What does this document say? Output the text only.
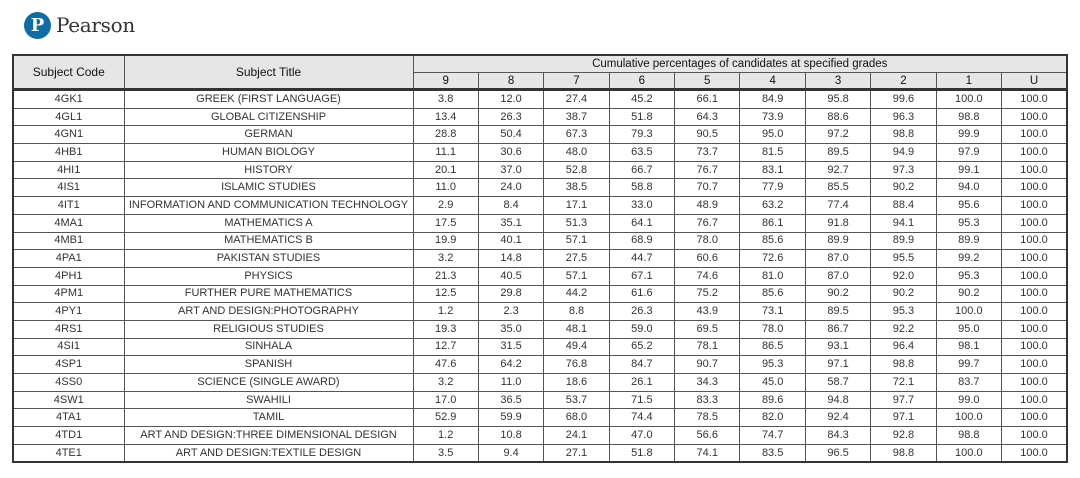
P Pearson
Subject Code	Subject Title	Cumulative percentages of candidates at specified grades									
		9	8	7	6	5	4	3	2	1	U
4GK1	GREEK (FIRST LANGUAGE)	3.8	12.0	27.4	45.2	66.1	84.9	95.8	99.6	100.0	100.0
4GL1	GLOBAL CITIZENSHIP	13.4	26.3	38.7	51.8	64.3	73.9	88.6	96.3	98.8	100.0
4GN1	GERMAN	28.8	50.4	67.3	79.3	90.5	95.0	97.2	98.8	99.9	100.0
4HB1	HUMAN BIOLOGY	11.1	30.6	48.0	63.5	73.7	81.5	89.5	94.9	97.9	100.0
4HI1	HISTORY	20.1	37.0	52.8	66.7	76.7	83.1	92.7	97.3	99.1	100.0
4IS1	ISLAMIC STUDIES	11.0	24.0	38.5	58.8	70.7	77.9	85.5	90.2	94.0	100.0
4IT1	INFORMATION AND COMMUNICATION TECHNOLOGY	2.9	8.4	17.1	33.0	48.9	63.2	77.4	88.4	95.6	100.0
4MA1	MATHEMATICS A	17.5	35.1	51.3	64.1	76.7	86.1	91.8	94.1	95.3	100.0
4MB1	MATHEMATICS B	19.9	40.1	57.1	68.9	78.0	85.6	89.9	89.9	89.9	100.0
4PA1	PAKISTAN STUDIES	3.2	14.8	27.5	44.7	60.6	72.6	87.0	95.5	99.2	100.0
4PH1	PHYSICS	21.3	40.5	57.1	67.1	74.6	81.0	87.0	92.0	95.3	100.0
4PM1	FURTHER PURE MATHEMATICS	12.5	29.8	44.2	61.6	75.2	85.6	90.2	90.2	90.2	100.0
4PY1	ART AND DESIGN:PHOTOGRAPHY	1.2	2.3	8.8	26.3	43.9	73.1	89.5	95.3	100.0	100.0
4RS1	RELIGIOUS STUDIES	19.3	35.0	48.1	59.0	69.5	78.0	86.7	92.2	95.0	100.0
4SI1	SINHALA	12.7	31.5	49.4	65.2	78.1	86.5	93.1	96.4	98.1	100.0
4SP1	SPANISH	47.6	64.2	76.8	84.7	90.7	95.3	97.1	98.8	99.7	100.0
4SS0	SCIENCE (SINGLE AWARD)	3.2	11.0	18.6	26.1	34.3	45.0	58.7	72.1	83.7	100.0
4SW1	SWAHILI	17.0	36.5	53.7	71.5	83.3	89.6	94.8	97.7	99.0	100.0
4TA1	TAMIL	52.9	59.9	68.0	74.4	78.5	82.0	92.4	97.1	100.0	100.0
4TD1	ART AND DESIGN:THREE DIMENSIONAL DESIGN	1.2	10.8	24.1	47.0	56.6	74.7	84.3	92.8	98.8	100.0
4TE1	ART AND DESIGN:TEXTILE DESIGN	3.5	9.4	27.1	51.8	74.1	83.5	96.5	98.8	100.0	100.0
